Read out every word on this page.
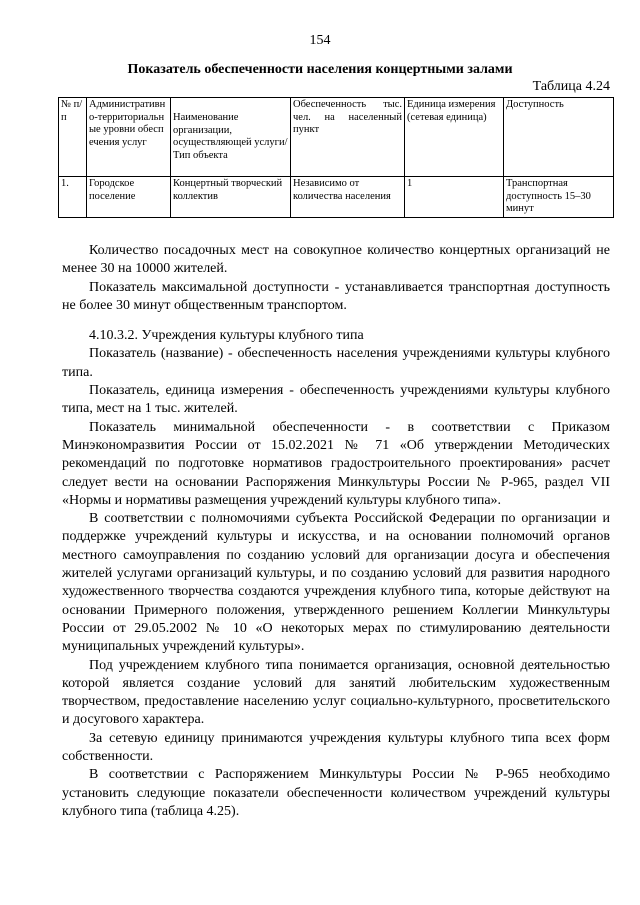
154
Показатель обеспеченности населения концертными залами
Таблица 4.24
№ п/п	Административно-территориальные уровни обеспечения услуг	Наименование организации, осуществляющей услуги/Тип объекта	Обеспеченность тыс. чел. на населенный пункт	Единица измерения (сетевая единица)	Доступность
1.	Городское поселение	Концертный творческий коллектив	Независимо от количества населения	1	Транспортная доступность 15–30 минут

Количество посадочных мест на совокупное количество концертных организаций не менее 30 на 10000 жителей.

Показатель максимальной доступности - устанавливается транспортная доступность не более 30 минут общественным транспортом.

4.10.3.2. Учреждения культуры клубного типа

Показатель (название) - обеспеченность населения учреждениями культуры клубного типа.

Показатель, единица измерения - обеспеченность учреждениями культуры клубного типа, мест на 1 тыс. жителей.

Показатель минимальной обеспеченности - в соответствии с Приказом Минэкономразвития России от 15.02.2021 № 71 «Об утверждении Методических рекомендаций по подготовке нормативов градостроительного проектирования» расчет следует вести на основании Распоряжения Минкультуры России № Р-965, раздел VII «Нормы и нормативы размещения учреждений культуры клубного типа».

В соответствии с полномочиями субъекта Российской Федерации по организации и поддержке учреждений культуры и искусства, и на основании полномочий органов местного самоуправления по созданию условий для организации досуга и обеспечения жителей услугами организаций культуры, и по созданию условий для развития народного художественного творчества создаются учреждения клубного типа, которые действуют на основании Примерного положения, утвержденного решением Коллегии Минкультуры России от 29.05.2002 № 10 «О некоторых мерах по стимулированию деятельности муниципальных учреждений культуры».

Под учреждением клубного типа понимается организация, основной деятельностью которой является создание условий для занятий любительским художественным творчеством, предоставление населению услуг социально-культурного, просветительского и досугового характера.

За сетевую единицу принимаются учреждения культуры клубного типа всех форм собственности.

В соответствии с Распоряжением Минкультуры России № Р-965 необходимо установить следующие показатели обеспеченности количеством учреждений культуры клубного типа (таблица 4.25).
